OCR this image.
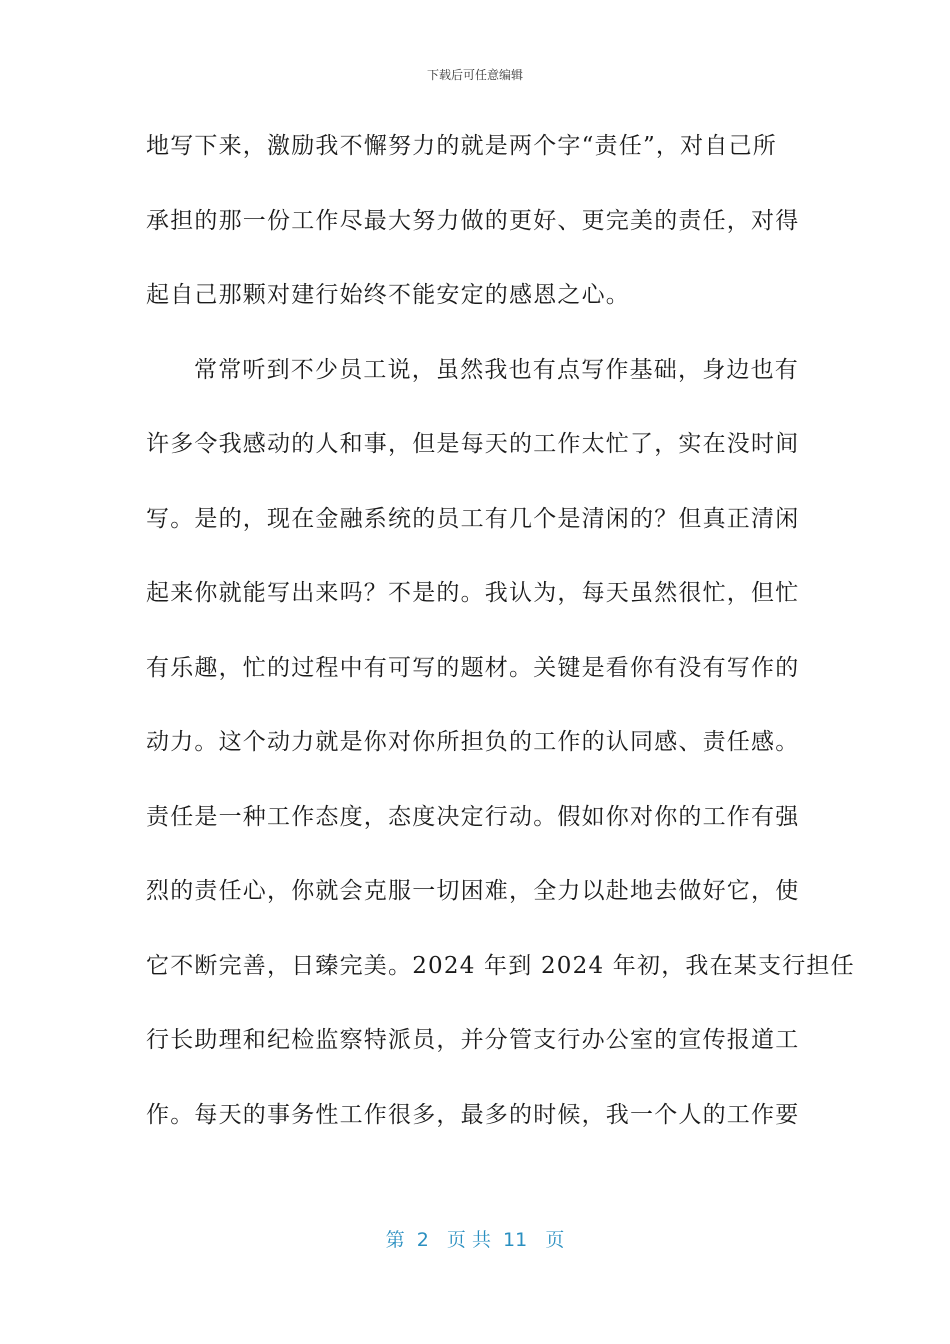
下载后可任意编辑
地写下来，激励我不懈努力的就是两个字“责任”，对自己所
承担的那一份工作尽最大努力做的更好、更完美的责任，对得
起自己那颗对建行始终不能安定的感恩之心。
常常听到不少员工说，虽然我也有点写作基础，身边也有
许多令我感动的人和事，但是每天的工作太忙了，实在没时间
写。是的，现在金融系统的员工有几个是清闲的？但真正清闲
起来你就能写出来吗？不是的。我认为，每天虽然很忙，但忙
有乐趣，忙的过程中有可写的题材。关键是看你有没有写作的
动力。这个动力就是你对你所担负的工作的认同感、责任感。
责任是一种工作态度，态度决定行动。假如你对你的工作有强
烈的责任心，你就会克服一切困难，全力以赴地去做好它，使
它不断完善，日臻完美。2024 年到 2024 年初，我在某支行担任
行长助理和纪检监察特派员，并分管支行办公室的宣传报道工
作。每天的事务性工作很多，最多的时候，我一个人的工作要
第  2   页 共  11   页
